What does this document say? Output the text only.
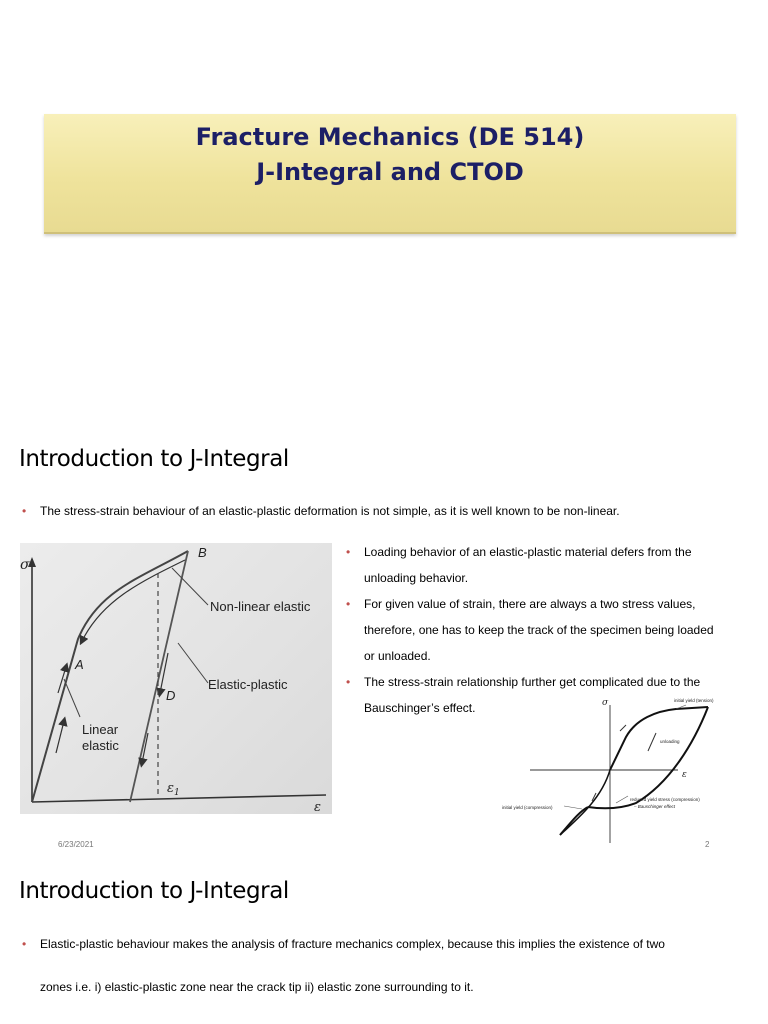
Fracture Mechanics (DE 514)
J-Integral and CTOD
Introduction to J-Integral
• The stress-strain behaviour of an elastic-plastic deformation is not simple, as it is well known to be non-linear.
σ
B
A
D
Non-linear elastic
Elastic-plastic
Linear
elastic
$\varepsilon_1$
ε
• Loading behavior of an elastic-plastic material defers from the
unloading behavior.
• For given value of strain, there are always a two stress values,
therefore, one has to keep the track of the specimen being loaded
or unloaded.
• The stress-strain relationship further get complicated due to the
Bauschinger’s effect.	σ
ε
initial yield (tension)
unloading
reduced yield stress (compression)
– Bauschinger effect
initial yield (compression)
6/23/2021	2
Introduction to J-Integral
• Elastic-plastic behaviour makes the analysis of fracture mechanics complex, because this implies the existence of two
zones i.e. i) elastic-plastic zone near the crack tip ii) elastic zone surrounding to it.
